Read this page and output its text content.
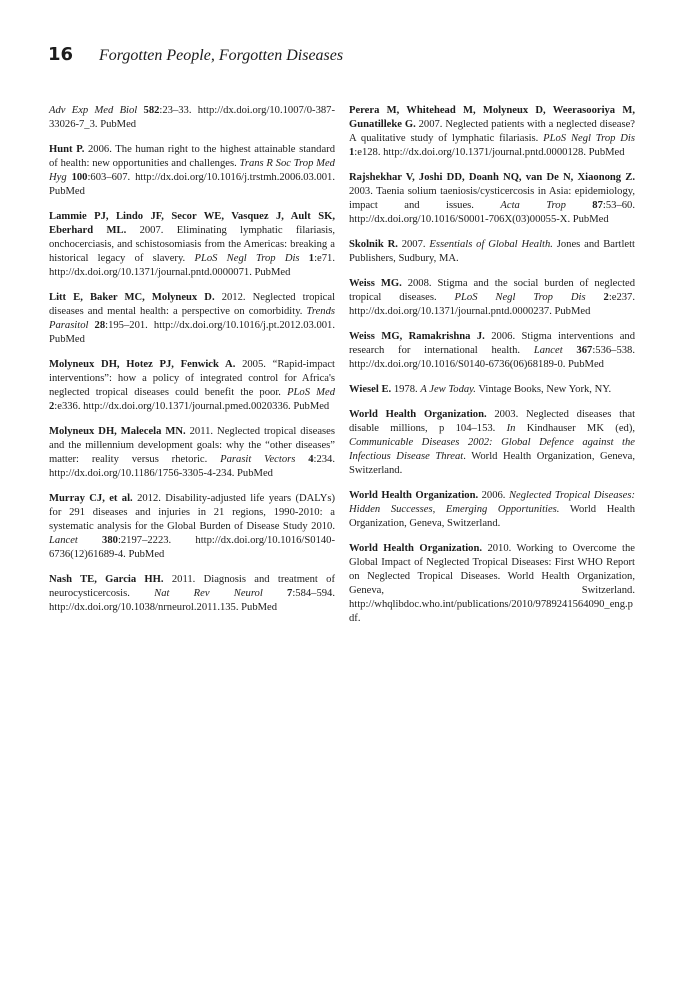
16	Forgotten People, Forgotten Diseases

Adv Exp Med Biol 582:23–33. http://dx.doi.org/10.1007/0-387-33026-7_3. PubMed

Hunt P. 2006. The human right to the highest attainable standard of health: new opportunities and challenges. Trans R Soc Trop Med Hyg 100:603–607. http://dx.doi.org/10.1016/j.trstmh.2006.03.001. PubMed

Lammie PJ, Lindo JF, Secor WE, Vasquez J, Ault SK, Eberhard ML. 2007. Eliminating lymphatic filariasis, onchocerciasis, and schistosomiasis from the Americas: breaking a historical legacy of slavery. PLoS Negl Trop Dis 1:e71. http://dx.doi.org/10.1371/journal.pntd.0000071. PubMed

Litt E, Baker MC, Molyneux D. 2012. Neglected tropical diseases and mental health: a perspective on comorbidity. Trends Parasitol 28:195–201. http://dx.doi.org/10.1016/j.pt.2012.03.001. PubMed

Molyneux DH, Hotez PJ, Fenwick A. 2005. “Rapid-impact interventions”: how a policy of integrated control for Africa's neglected tropical diseases could benefit the poor. PLoS Med 2:e336. http://dx.doi.org/10.1371/journal.pmed.0020336. PubMed

Molyneux DH, Malecela MN. 2011. Neglected tropical diseases and the millennium development goals: why the “other diseases” matter: reality versus rhetoric. Parasit Vectors 4:234. http://dx.doi.org/10.1186/1756-3305-4-234. PubMed

Murray CJ, et al. 2012. Disability-adjusted life years (DALYs) for 291 diseases and injuries in 21 regions, 1990-2010: a systematic analysis for the Global Burden of Disease Study 2010. Lancet 380:2197–2223. http://dx.doi.org/10.1016/S0140-6736(12)61689-4. PubMed

Nash TE, Garcia HH. 2011. Diagnosis and treatment of neurocysticercosis. Nat Rev Neurol 7:584–594. http://dx.doi.org/10.1038/nrneurol.2011.135. PubMed

Perera M, Whitehead M, Molyneux D, Weerasooriya M, Gunatilleke G. 2007. Neglected patients with a neglected disease? A qualitative study of lymphatic filariasis. PLoS Negl Trop Dis 1:e128. http://dx.doi.org/10.1371/journal.pntd.0000128. PubMed

Rajshekhar V, Joshi DD, Doanh NQ, van De N, Xiaonong Z. 2003. Taenia solium taeniosis/cysticercosis in Asia: epidemiology, impact and issues. Acta Trop 87:53–60. http://dx.doi.org/10.1016/S0001-706X(03)00055-X. PubMed

Skolnik R. 2007. Essentials of Global Health. Jones and Bartlett Publishers, Sudbury, MA.

Weiss MG. 2008. Stigma and the social burden of neglected tropical diseases. PLoS Negl Trop Dis 2:e237. http://dx.doi.org/10.1371/journal.pntd.0000237. PubMed

Weiss MG, Ramakrishna J. 2006. Stigma interventions and research for international health. Lancet 367:536–538. http://dx.doi.org/10.1016/S0140-6736(06)68189-0. PubMed

Wiesel E. 1978. A Jew Today. Vintage Books, New York, NY.

World Health Organization. 2003. Neglected diseases that disable millions, p 104–153. In Kindhauser MK (ed), Communicable Diseases 2002: Global Defence against the Infectious Disease Threat. World Health Organization, Geneva, Switzerland.

World Health Organization. 2006. Neglected Tropical Diseases: Hidden Successes, Emerging Opportunities. World Health Organization, Geneva, Switzerland.

World Health Organization. 2010. Working to Overcome the Global Impact of Neglected Tropical Diseases: First WHO Report on Neglected Tropical Diseases. World Health Organization, Geneva, Switzerland. http://whqlibdoc.who.int/publications/2010/9789241564090_eng.pdf.
